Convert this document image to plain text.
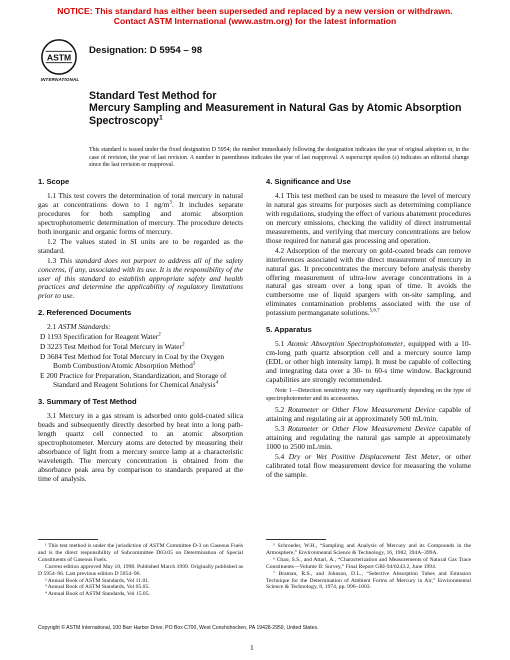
NOTICE: This standard has either been superseded and replaced by a new version or withdrawn.
Contact ASTM International (www.astm.org) for the latest information
ASTM
INTERNATIONAL
Designation: D 5954 – 98
Standard Test Method for
Mercury Sampling and Measurement in Natural Gas by Atomic Absorption Spectroscopy$^1$
This standard is issued under the fixed designation D 5954; the number immediately following the designation indicates the year of original adoption or, in the case of revision, the year of last revision. A number in parentheses indicates the year of last reapproval. A superscript epsilon (ε) indicates an editorial change since the last revision or reapproval.
1. Scope

1.1 This test covers the determination of total mercury in natural gas at concentrations down to 1 $ng/m^3$. It includes separate procedures for both sampling and atomic absorption spectrophotometric determination of mercury. The procedure detects both inorganic and organic forms of mercury.

1.2 The values stated in SI units are to be regarded as the standard.

1.3 This standard does not purport to address all of the safety concerns, if any, associated with its use. It is the responsibility of the user of this standard to establish appropriate safety and health practices and determine the applicability of regulatory limitations prior to use.

2. Referenced Documents

2.1 ASTM Standards:

D 1193 Specification for Reagent Water$^2$

D 3223 Test Method for Total Mercury in Water$^2$

D 3684 Test Method for Total Mercury in Coal by the Oxygen Bomb Combustion/Atomic Absorption Method$^3$

E 200 Practice for Preparation, Standardization, and Storage of Standard and Reagent Solutions for Chemical Analysis$^4$

3. Summary of Test Method

3.1 Mercury in a gas stream is adsorbed onto gold-coated silica beads and subsequently directly desorbed by heat into a long path-length quartz cell connected to an atomic absorption spectrophotometer. Mercury atoms are detected by measuring their absorbance of light from a mercury source lamp at a characteristic wavelength. The mercury concentration is obtained from the absorbance peak area by comparison to standards prepared at the time of analysis.

4. Significance and Use

4.1 This test method can be used to measure the level of mercury in natural gas streams for purposes such as determining compliance with regulations, studying the effect of various abatement procedures on mercury emissions, checking the validity of direct instrumental measurements, and verifying that mercury concentrations are below those required for natural gas processing and operation.

4.2 Adsorption of the mercury on gold-coated beads can remove interferences associated with the direct measurement of mercury in natural gas. It preconcentrates the mercury before analysis thereby offering measurement of ultra-low average concentrations in a natural gas stream over a long span of time. It avoids the cumbersome use of liquid spargers with on-site sampling, and eliminates contamination problems associated with the use of potassium permanganate solutions.$^{5,6,7}$

5. Apparatus

5.1 Atomic Absorption Spectrophotometer, equipped with a 10-cm-long path quartz absorption cell and a mercury source lamp (EDL or other high intensity lamp). It must be capable of collecting and integrating data over a 30- to 60-s time window. Background capabilities are strongly recommended.

Note 1—Detection sensitivity may vary significantly depending on the type of spectrophotometer and its accessories.

5.2 Rotameter or Other Flow Measurement Device capable of attaining and regulating air at approximately 500 mL/min.

5.3 Rotameter or Other Flow Measurement Device capable of attaining and regulating the natural gas sample at approximately 1000 to 2500 mL/min.

5.4 Dry or Wet Positive Displacement Test Meter, or other calibrated total flow measurement device for measuring the volume of the sample.

¹ This test method is under the jurisdiction of ASTM Committee D-3 on Gaseous Fuels and is the direct responsibility of Subcommittee D03.05 on Determination of Special Constituents of Gaseous Fuels.
Current edition approved May 10, 1998. Published March 1999. Originally published as D 5954–96. Last previous edition D 5954–96.
² Annual Book of ASTM Standards, Vol 11.01.
³ Annual Book of ASTM Standards, Vol 05.05.
⁴ Annual Book of ASTM Standards, Vol 15.05.
⁵ Schroeder, W.H., “Sampling and Analysis of Mercury and its Compounds in the Atmosphere,” Environmental Science & Technology, 16, 1982, 394A–399A.
⁶ Chao, S.S., and Attari, A., “Characterization and Measurements of Natural Gas Trace Constituents—Volume II: Survey,” Final Report GRI-94/0243.2, June 1994.
⁷ Braman, R.S., and Johnson, D.L., “Selective Absorption Tubes and Emission Technique for the Determination of Ambient Forms of Mercury in Air,” Environmental Science & Technology, 8, 1974, pp. 996–1003.
Copyright © ASTM International, 100 Barr Harbor Drive, PO Box C700, West Conshohocken, PA 19428-2959, United States.
1
